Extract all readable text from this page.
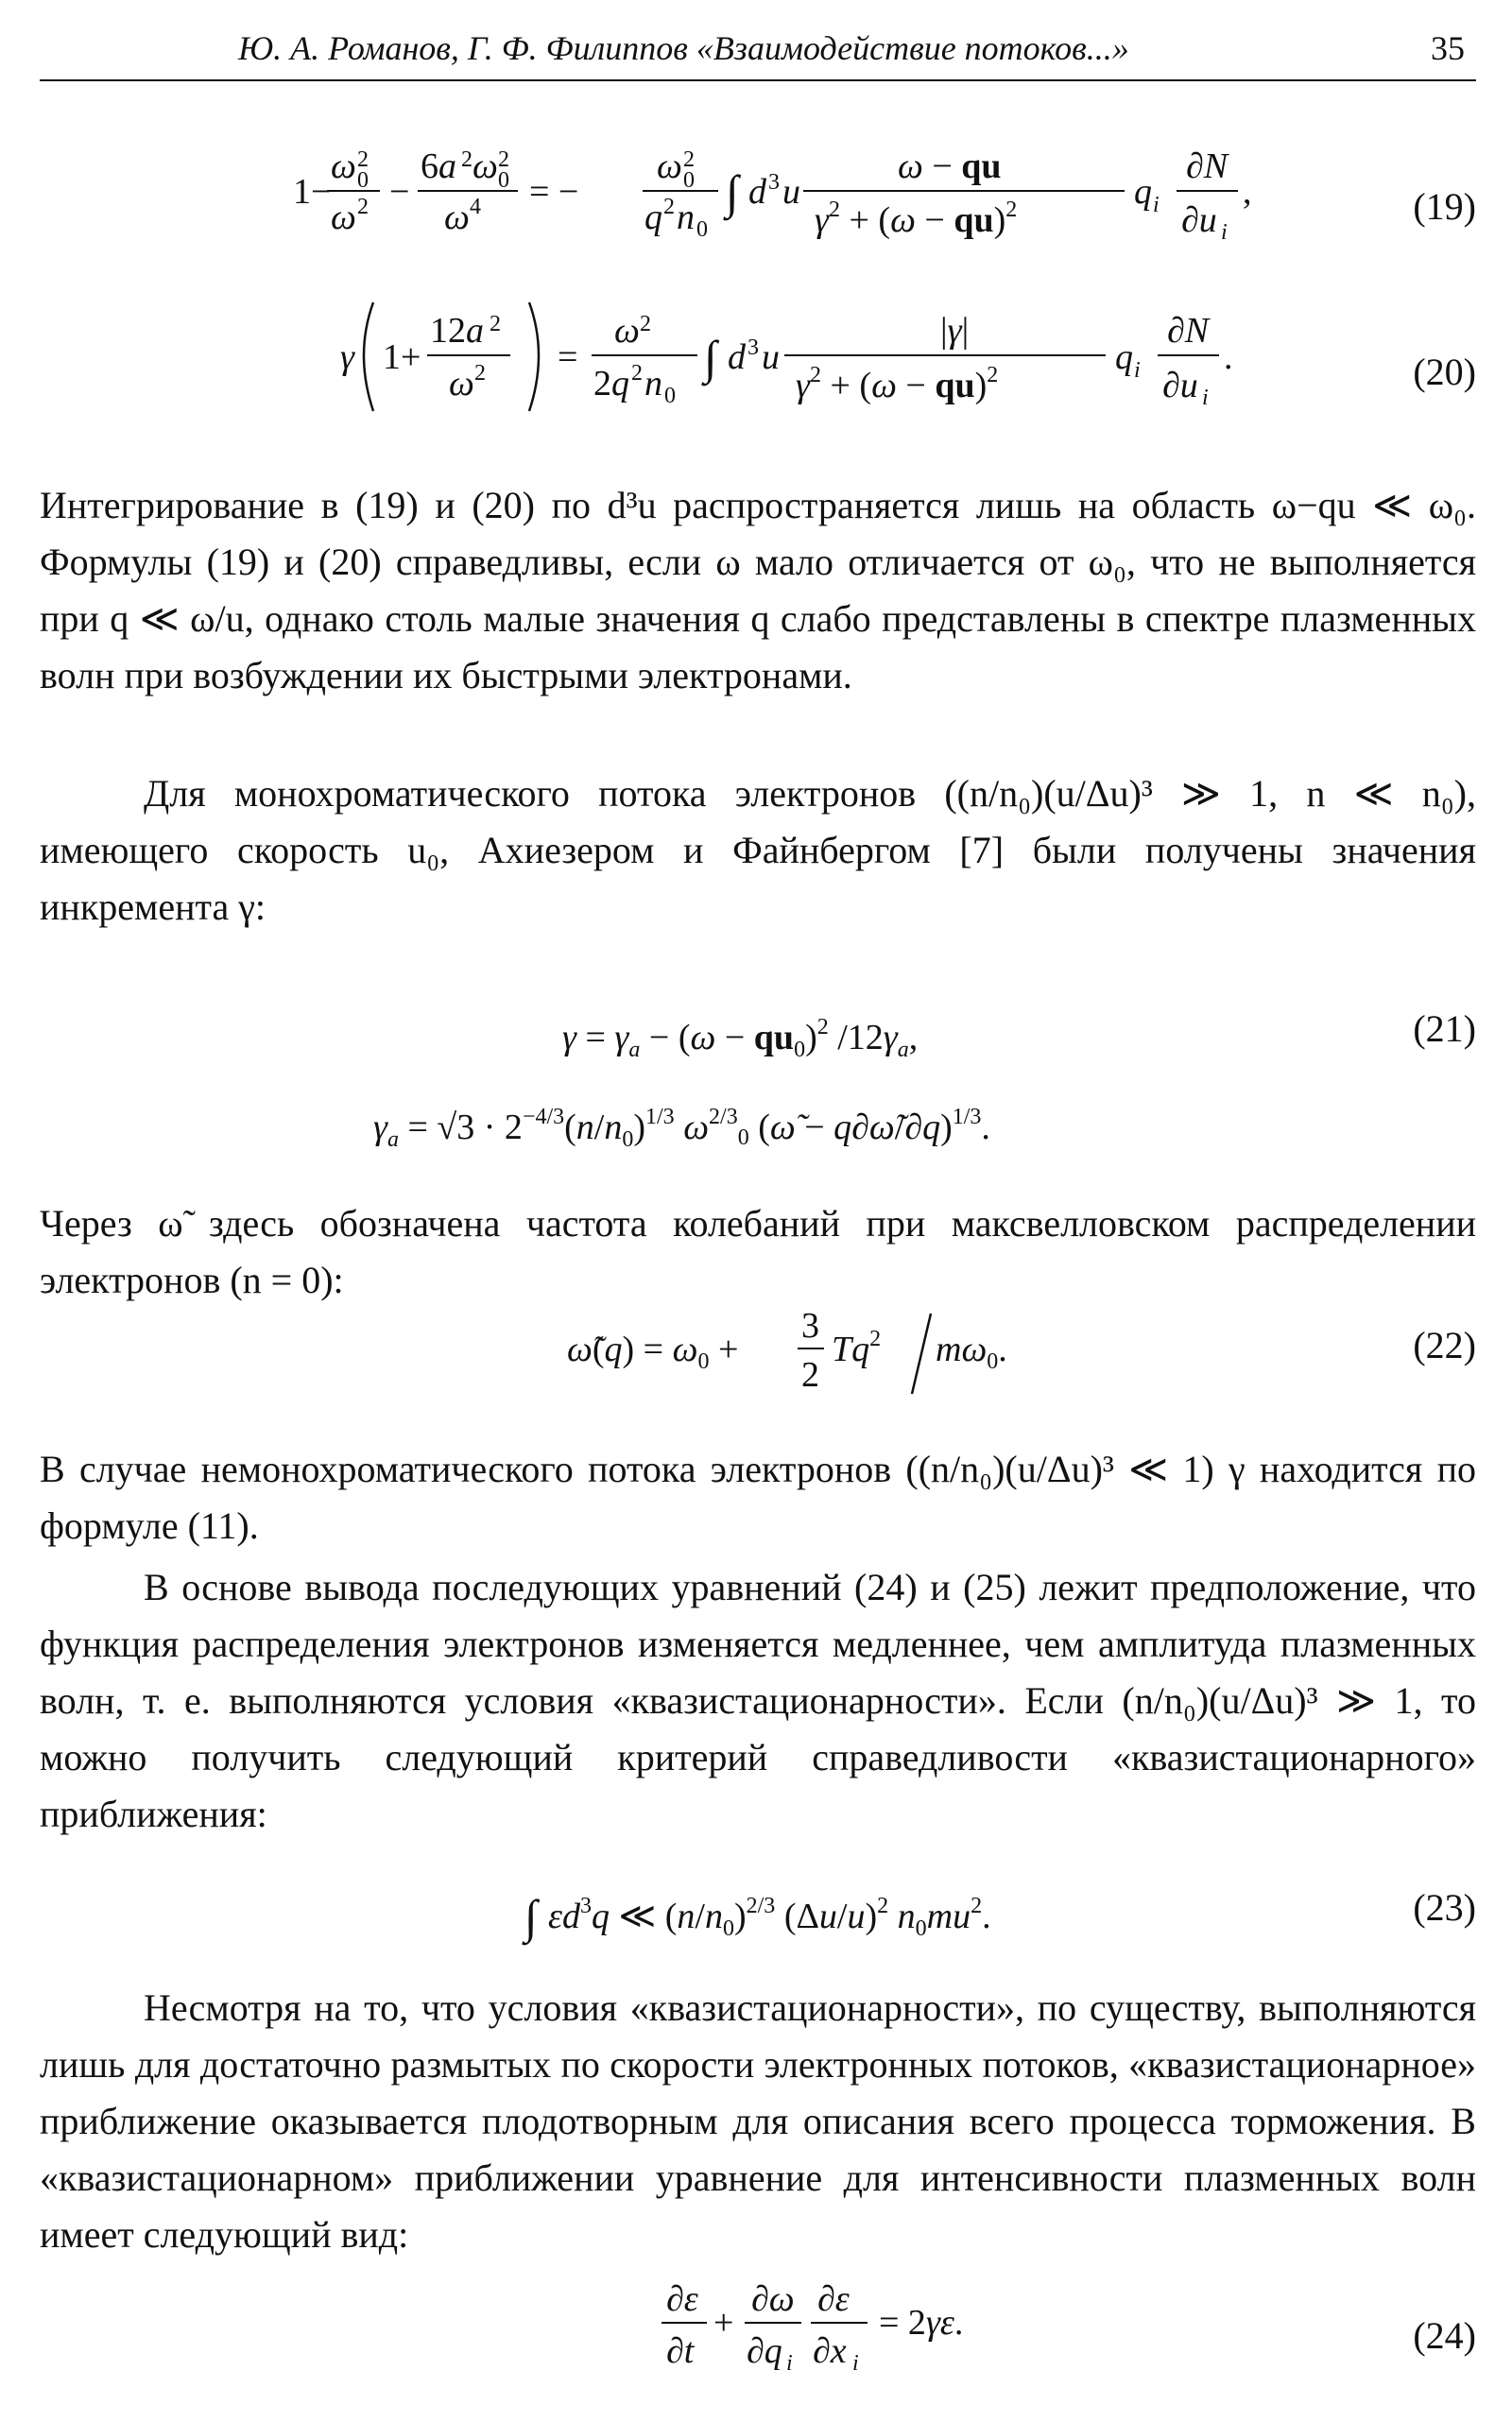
Ю. А. Романов, Г. Ф. Филиппов «Взаимодействие потоков...»	35
1−
ω 0
2
ω 2 −
6a 2 ω 0
2
ω 4 = −
ω 0
2
q 2 n 0
∫ d 3 u
ω − qu
$\gamma^2 + (\omega - qu)^2$	q i
∂N
∂u i
,	(19)
γ 1+
12a 2
ω 2 =
ω 2
2q 2 n 0
∫ d 3 u
|γ|
$\gamma^2 + (\omega - qu)^2$	q i
∂N
∂u i
.	(20)
Интегрирование в (19) и (20) по d³u распространяется лишь на область ω−qu ≪ ω₀. Формулы (19) и (20) справедливы, если ω мало отличается от ω₀, что не выполняется при q ≪ ω/u, однако столь малые значения q слабо представлены в спектре плазменных волн при возбуждении их быстрыми электронами.
Для монохроматического потока электронов ((n/n₀)(u/Δu)³ ≫ 1, n ≪ n₀), имеющего скорость u₀, Ахиезером и Файнбергом [7] были получены значения инкремента γ:
$\gamma = \gamma_a - (\omega - qu_0)^2$ $/12\gamma_a$,	(21)
$\gamma_a = √3 \cdot 2^{-4/3}(n/n_0)^{1/3}$ $\omega^{2/3}_0$ (ω̃ − q∂ω̃/∂q)$^{1/3}$.
Через ω̃ здесь обозначена частота колебаний при максвелловском распределении электронов (n = 0):
ω̃(q) = $\omega_0$ +
3
2
Tq$^2$ $m\omega_0$.	(22)
В случае немонохроматического потока электронов ((n/n₀)(u/Δu)³ ≪ 1) γ находится по формуле (11).
В основе вывода последующих уравнений (24) и (25) лежит предположение, что функция распределения электронов изменяется медленнее, чем амплитуда плазменных волн, т. е. выполняются условия «квазистационарности». Если (n/n₀)(u/Δu)³ ≫ 1, то можно получить следующий критерий справедливости «квазистационарного» приближения:
∫ $\varepsilon d^3q$ ≪ $(n/n_0)^{2/3}$ $(\Delta u/u)^2$ $n_0mu^2$.	(23)
Несмотря на то, что условия «квазистационарности», по существу, выполняются лишь для достаточно размытых по скорости электронных потоков, «квазистационарное» приближение оказывается плодотворным для описания всего процесса торможения. В «квазистационарном» приближении уравнение для интенсивности плазменных волн имеет следующий вид:
∂ε
∂t
+
∂ω
∂q i
∂ε
∂x i
= 2γε.	(24)
